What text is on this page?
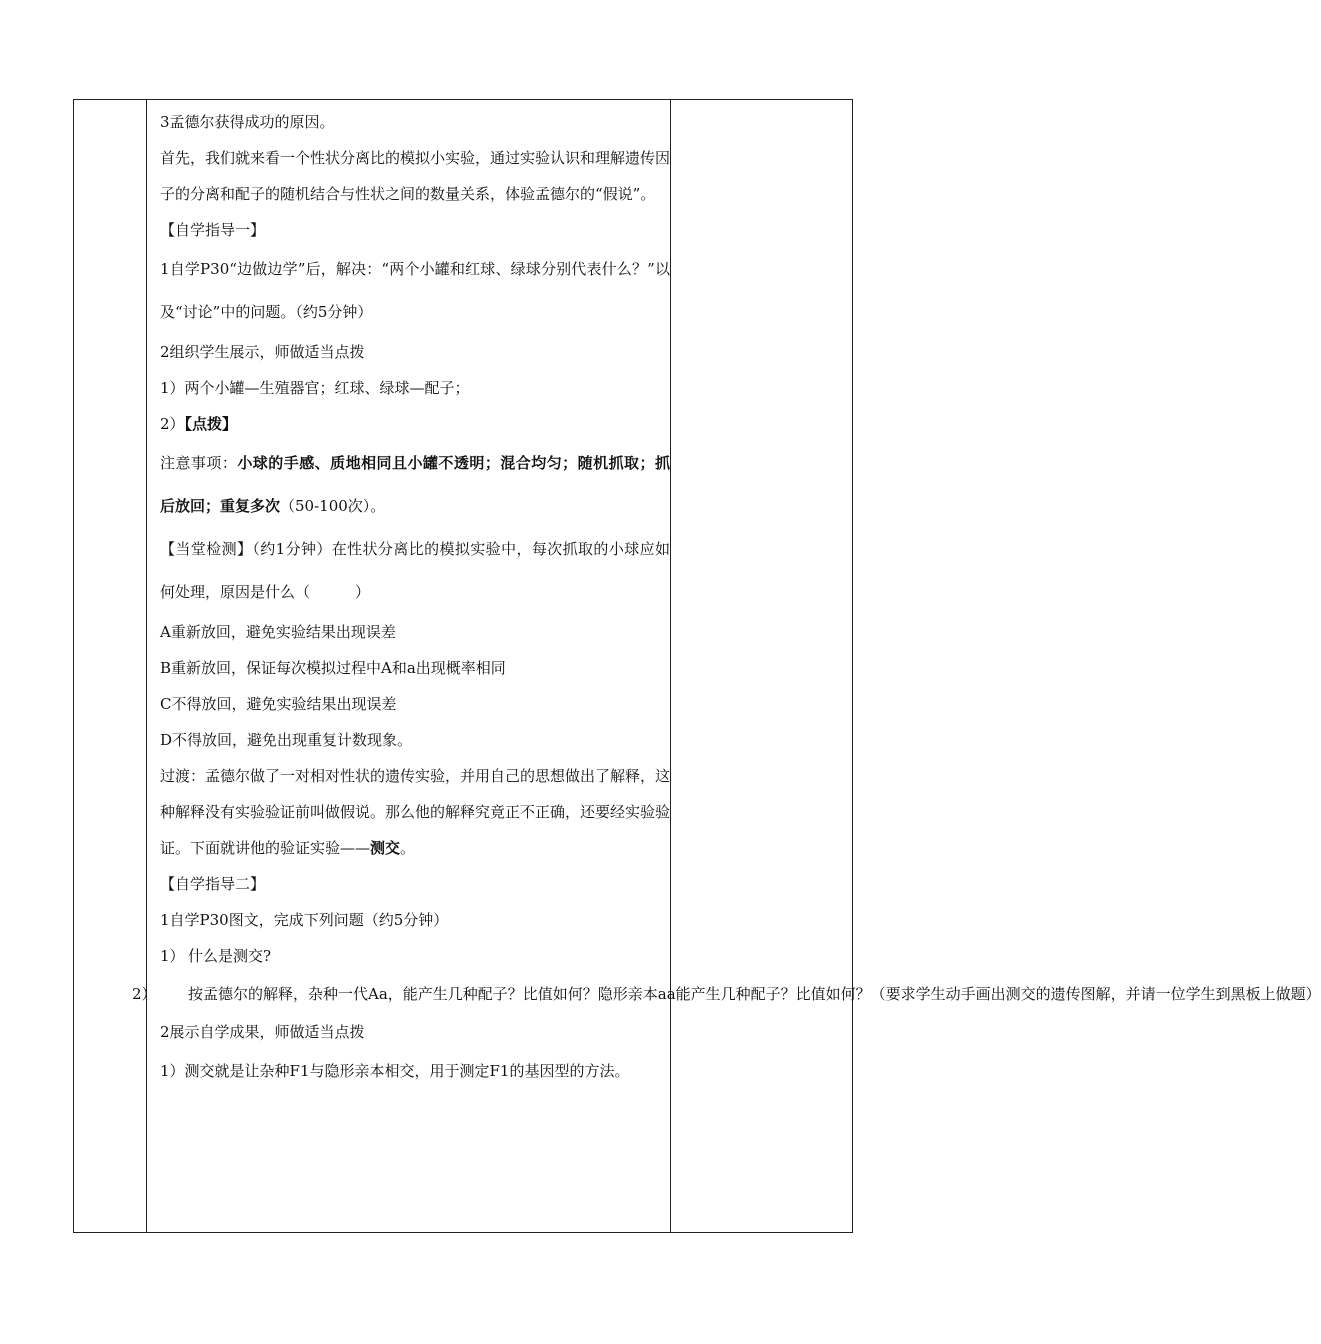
3孟德尔获得成功的原因。

首先，我们就来看一个性状分离比的模拟小实验，通过实验认识和理解遗传因子的分离和配子的随机结合与性状之间的数量关系，体验孟德尔的“假说”。

【自学指导一】

1自学P30“边做边学”后，解决：“两个小罐和红球、绿球分别代表什么？”以及“讨论”中的问题。（约5分钟）

2组织学生展示，师做适当点拨

1）两个小罐—生殖器官；红球、绿球—配子；

2）【点拨】

注意事项：小球的手感、质地相同且小罐不透明；混合均匀；随机抓取；抓后放回；重复多次（50-100次）。

【当堂检测】（约1分钟）在性状分离比的模拟实验中，每次抓取的小球应如何处理，原因是什么（　　　）

A重新放回，避免实验结果出现误差

B重新放回，保证每次模拟过程中A和a出现概率相同

C不得放回，避免实验结果出现误差

D不得放回，避免出现重复计数现象。

过渡：孟德尔做了一对相对性状的遗传实验，并用自己的思想做出了解释，这种解释没有实验验证前叫做假说。那么他的解释究竟正不正确，还要经实验验证。下面就讲他的验证实验——测交。

【自学指导二】

1自学P30图文，完成下列问题（约5分钟）

1） 什么是测交?

2） 按孟德尔的解释，杂种一代Aa，能产生几种配子？比值如何？隐形亲本aa能产生几种配子？比值如何？（要求学生动手画出测交的遗传图解，并请一位学生到黑板上做题）

2展示自学成果，师做适当点拨

1）测交就是让杂种F1与隐形亲本相交，用于测定F1的基因型的方法。
